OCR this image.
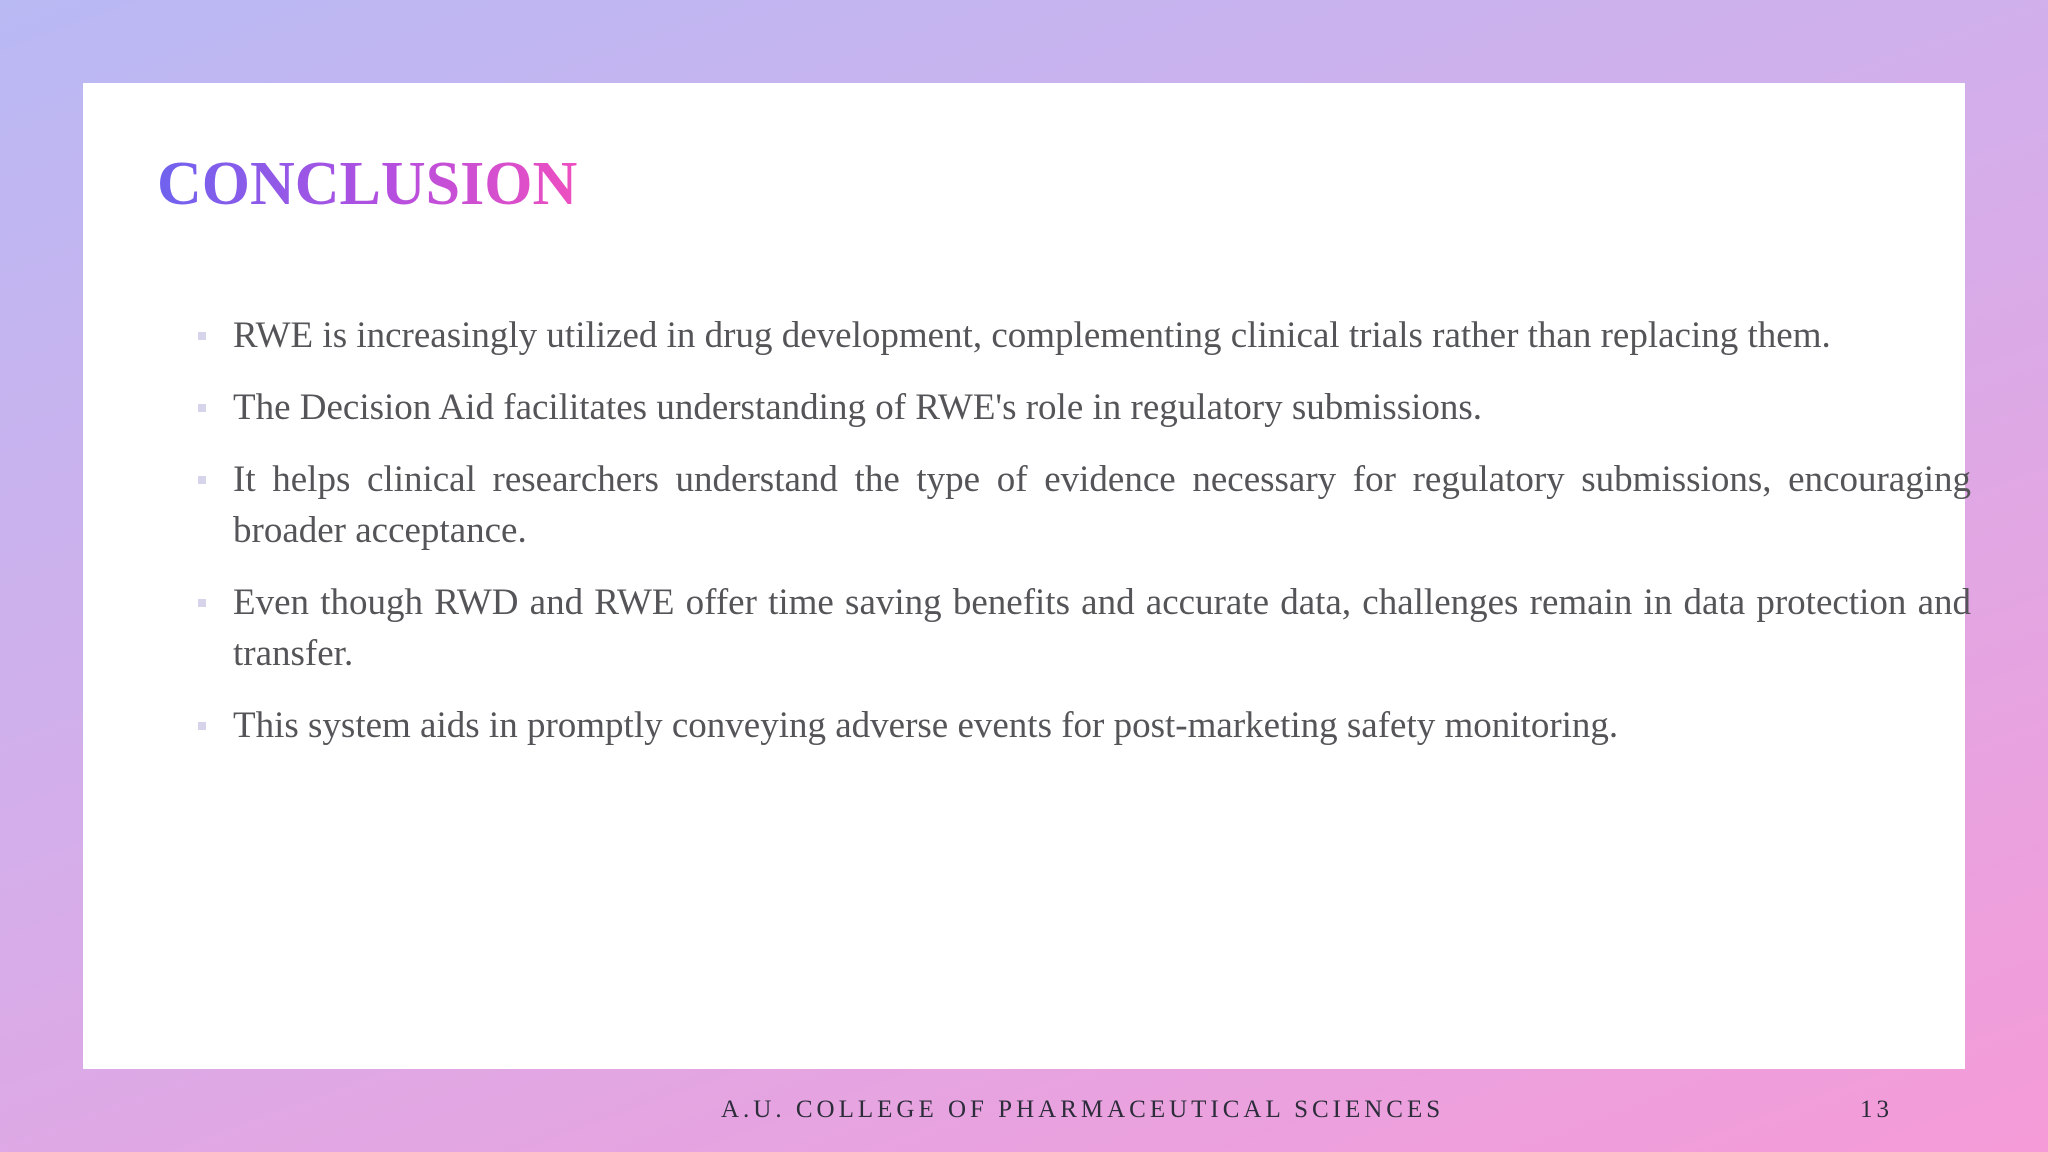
CONCLUSION
RWE is increasingly utilized in drug development, complementing clinical trials rather than replacing them.
The Decision Aid facilitates understanding of RWE's role in regulatory submissions.
It helps clinical researchers understand the type of evidence necessary for regulatory submissions, encouraging broader acceptance.
Even though RWD and RWE offer time saving benefits and accurate data, challenges remain in data protection and transfer.
This system aids in promptly conveying adverse events for post-marketing safety monitoring.
A.U. COLLEGE OF PHARMACEUTICAL SCIENCES	13
